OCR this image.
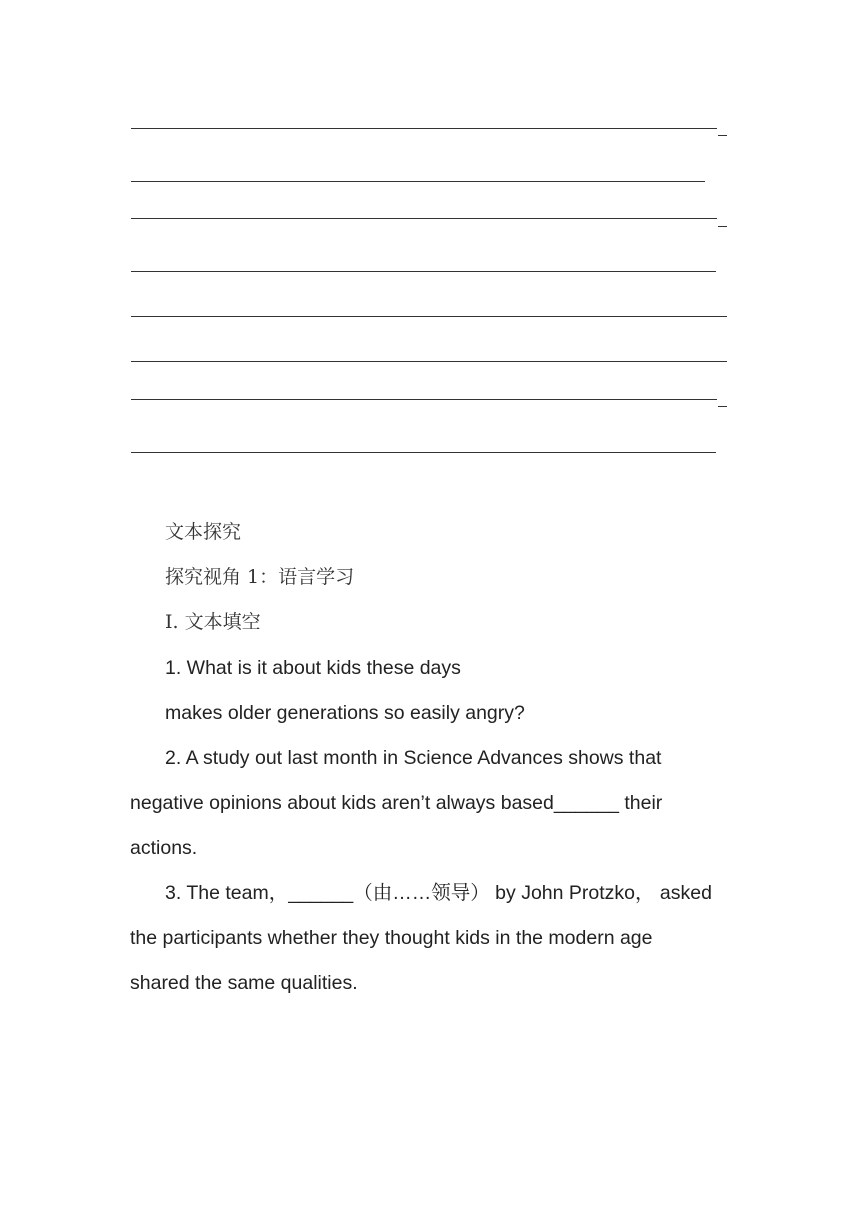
文本探究
探究视角 1：语言学习
Ⅰ. 文本填空
1. What is it about kids these days
makes older generations so easily angry?
2. A study out last month in Science Advances shows that
negative opinions about kids aren’t always based______ their
actions.
3. The team，______（由……领导） by John Protzko， asked
the participants whether they thought kids in the modern age
shared the same qualities.
